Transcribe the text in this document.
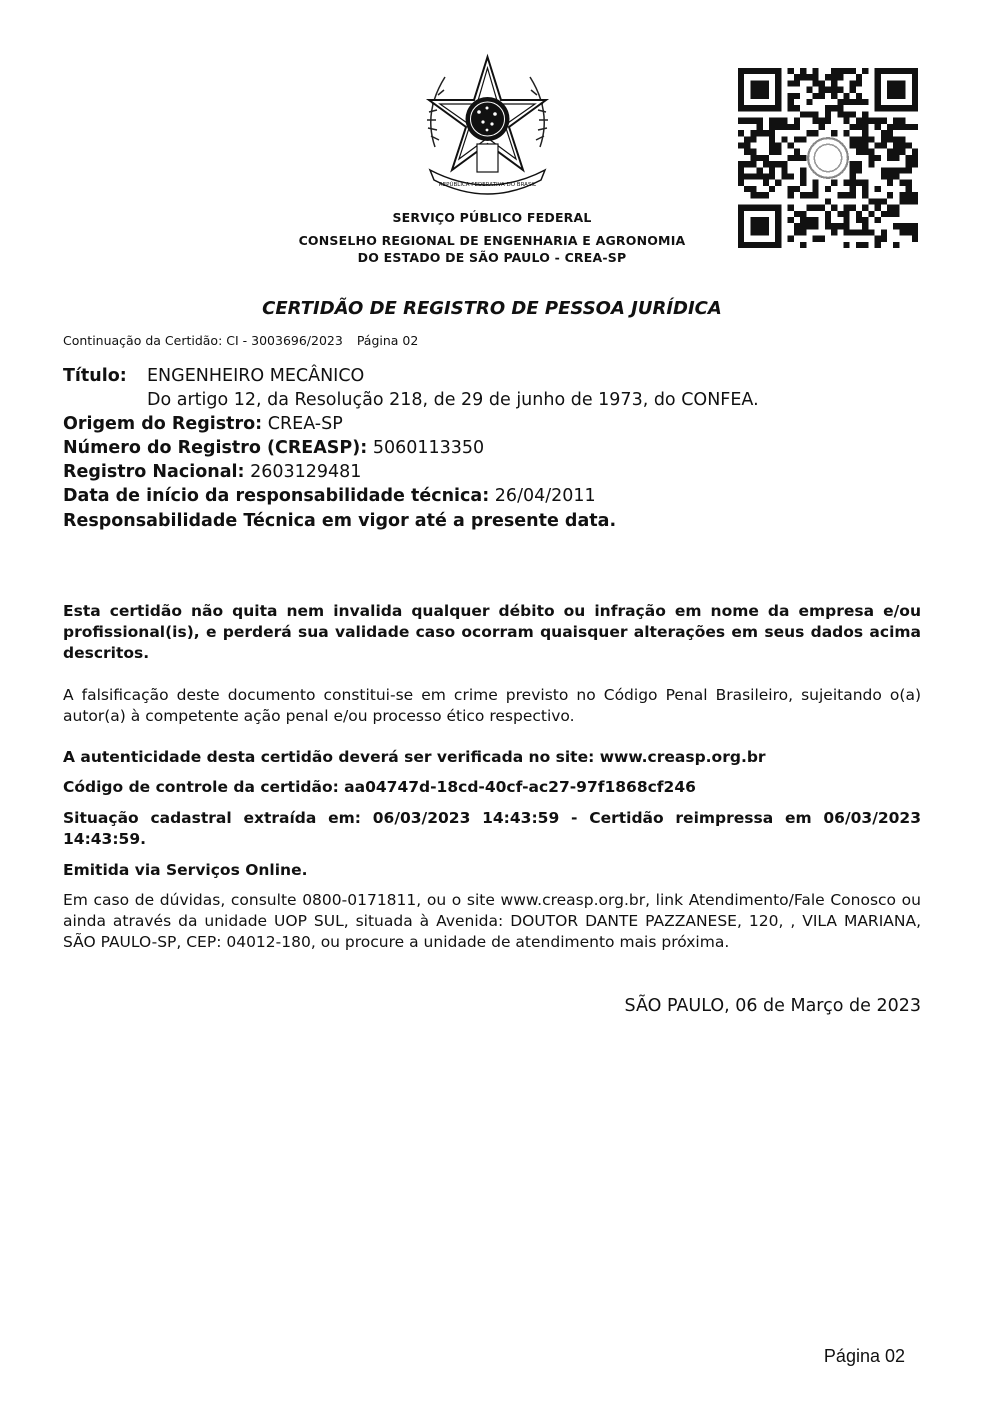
REPÚBLICA FEDERATIVA DO BRASIL
SERVIÇO PÚBLICO FEDERAL
CONSELHO REGIONAL DE ENGENHARIA E AGRONOMIA
DO ESTADO DE SÃO PAULO - CREA-SP
CERTIDÃO DE REGISTRO DE PESSOA JURÍDICA
Continuação da Certidão: CI - 3003696/2023 Página 02
Título: ENGENHEIRO MECÂNICO
Do artigo 12, da Resolução 218, de 29 de junho de 1973, do CONFEA.
Origem do Registro: CREA-SP
Número do Registro (CREASP): 5060113350
Registro Nacional: 2603129481
Data de início da responsabilidade técnica: 26/04/2011
Responsabilidade Técnica em vigor até a presente data.
Esta certidão não quita nem invalida qualquer débito ou infração em nome da empresa e/ou profissional(is), e perderá sua validade caso ocorram quaisquer alterações em seus dados acima descritos.
A falsificação deste documento constitui-se em crime previsto no Código Penal Brasileiro, sujeitando o(a) autor(a) à competente ação penal e/ou processo ético respectivo.
A autenticidade desta certidão deverá ser verificada no site: www.creasp.org.br
Código de controle da certidão: aa04747d-18cd-40cf-ac27-97f1868cf246
Situação cadastral extraída em: 06/03/2023 14:43:59 - Certidão reimpressa em 06/03/2023 14:43:59.
Emitida via Serviços Online.
Em caso de dúvidas, consulte 0800-0171811, ou o site www.creasp.org.br, link Atendimento/Fale Conosco ou ainda através da unidade UOP SUL, situada à Avenida: DOUTOR DANTE PAZZANESE, 120, , VILA MARIANA, SÃO PAULO-SP, CEP: 04012-180, ou procure a unidade de atendimento mais próxima.
SÃO PAULO, 06 de Março de 2023
Página 02
